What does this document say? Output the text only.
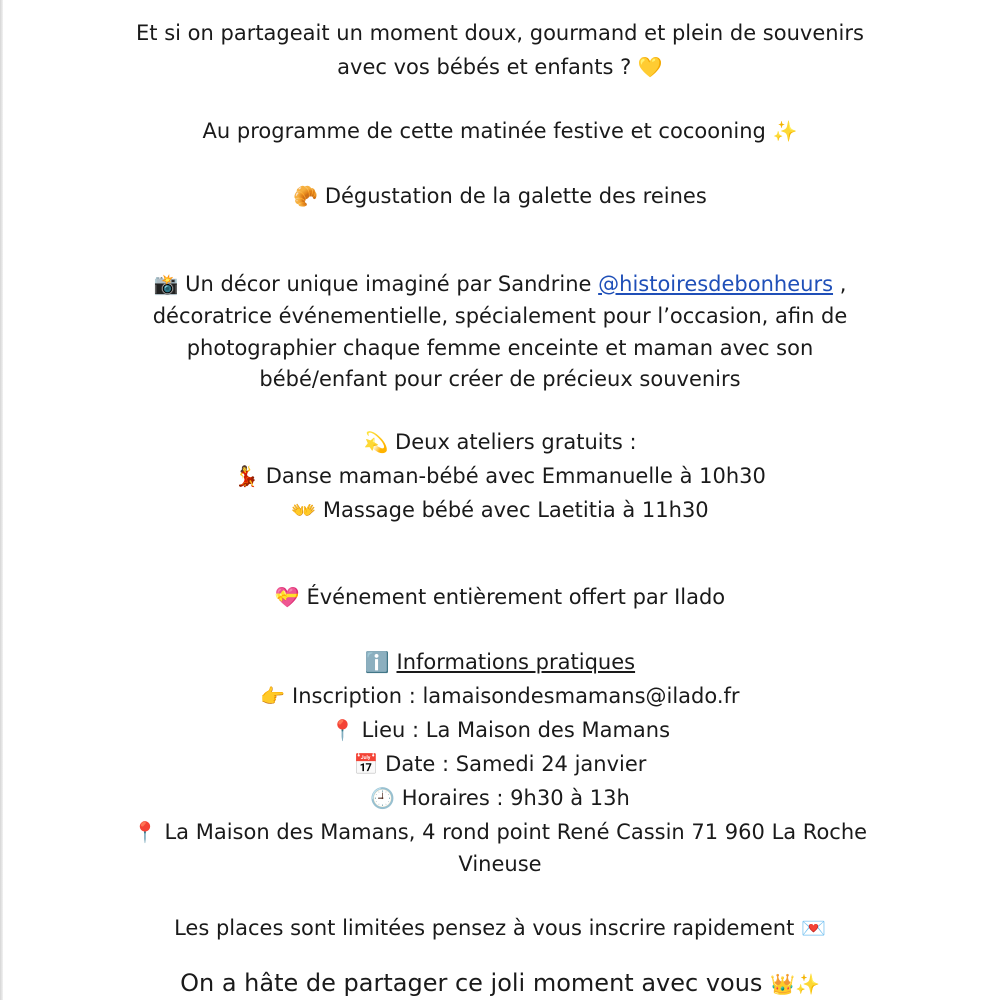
Et si on partageait un moment doux, gourmand et plein de souvenirs
avec vos bébés et enfants ? 💛
Au programme de cette matinée festive et cocooning ✨
🥐 Dégustation de la galette des reines
📸 Un décor unique imaginé par Sandrine @histoiresdebonheurs ,
décoratrice événementielle, spécialement pour l’occasion, afin de
photographier chaque femme enceinte et maman avec son
bébé/enfant pour créer de précieux souvenirs
💫 Deux ateliers gratuits :
💃 Danse maman-bébé avec Emmanuelle à 10h30
👐 Massage bébé avec Laetitia à 11h30
💝 Événement entièrement offert par Ilado
ℹ️ Informations pratiques
👉 Inscription : lamaisondesmamans@ilado.fr
📍 Lieu : La Maison des Mamans
📅 Date : Samedi 24 janvier
🕘 Horaires : 9h30 à 13h
📍 La Maison des Mamans, 4 rond point René Cassin 71 960 La Roche
Vineuse
Les places sont limitées pensez à vous inscrire rapidement 💌
On a hâte de partager ce joli moment avec vous 👑✨
